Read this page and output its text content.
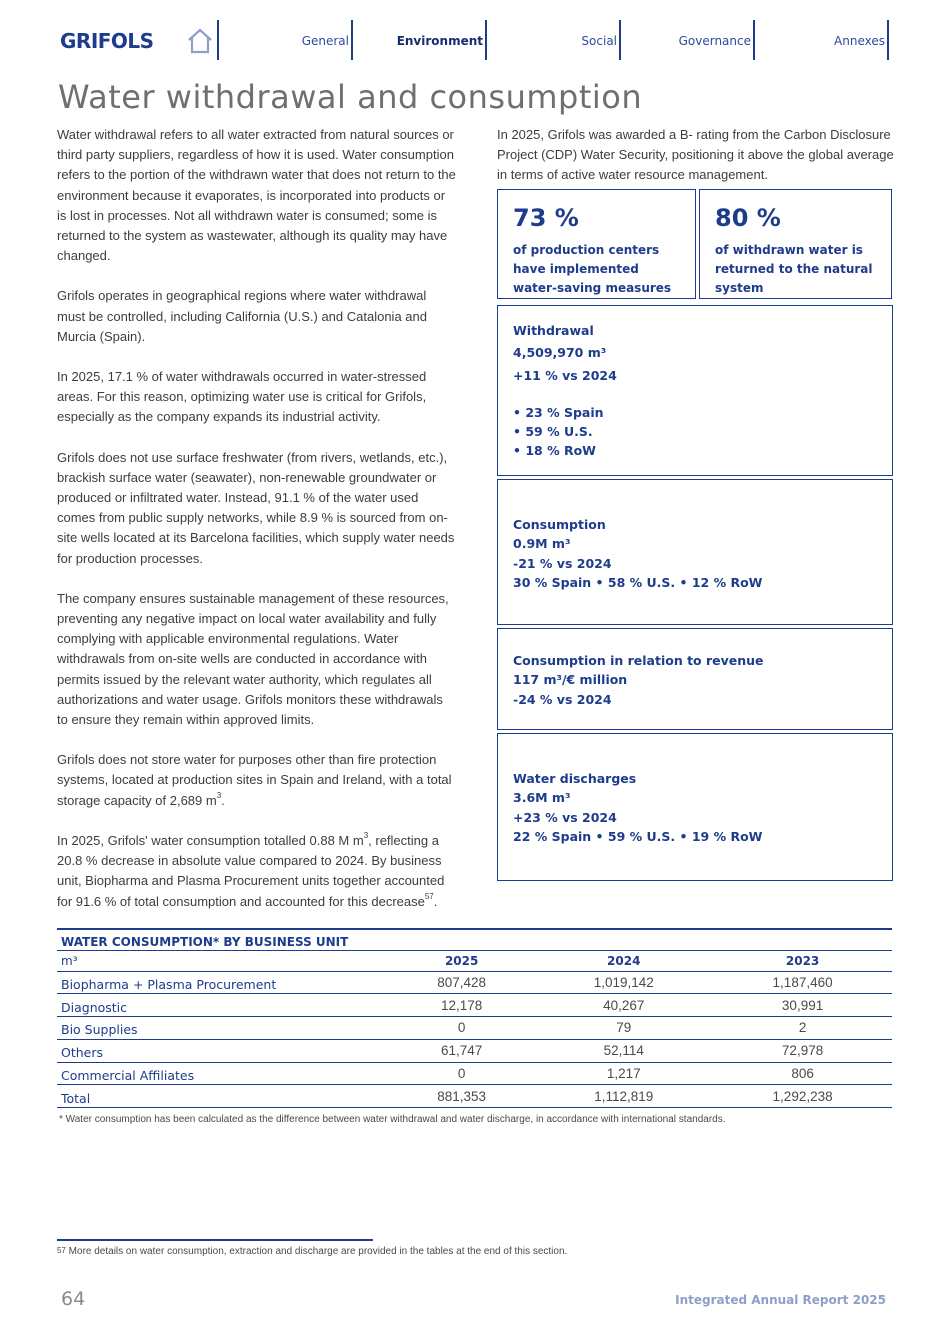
GRIFOLS	General	Environment	Social	Governance	Annexes
Water withdrawal and consumption

Water withdrawal refers to all water extracted from natural sources or third party suppliers, regardless of how it is used. Water consumption refers to the portion of the withdrawn water that does not return to the environment because it evaporates, is incorporated into products or is lost in processes. Not all withdrawn water is consumed; some is returned to the system as wastewater, although its quality may have changed.

Grifols operates in geographical regions where water withdrawal must be controlled, including California (U.S.) and Catalonia and Murcia (Spain).

In 2025, 17.1 % of water withdrawals occurred in water-stressed areas. For this reason, optimizing water use is critical for Grifols, especially as the company expands its industrial activity.

Grifols does not use surface freshwater (from rivers, wetlands, etc.), brackish surface water (seawater), non-renewable groundwater or produced or infiltrated water. Instead, 91.1 % of the water used comes from public supply networks, while 8.9 % is sourced from on-site wells located at its Barcelona facilities, which supply water needs for production processes.

The company ensures sustainable management of these resources, preventing any negative impact on local water availability and fully complying with applicable environmental regulations. Water withdrawals from on-site wells are conducted in accordance with permits issued by the relevant water authority, which regulates all authorizations and water usage. Grifols monitors these withdrawals to ensure they remain within approved limits.

Grifols does not store water for purposes other than fire protection systems, located at production sites in Spain and Ireland, with a total storage capacity of 2,689 $m^3$.

In 2025, Grifols' water consumption totalled 0.88 M $m^3$, reflecting a 20.8 % decrease in absolute value compared to 2024. By business unit, Biopharma and Plasma Procurement units together accounted for 91.6 % of total consumption and accounted for this decrease$^{57}$.

In 2025, Grifols was awarded a B- rating from the Carbon Disclosure Project (CDP) Water Security, positioning it above the global average in terms of active water resource management.
73 %
of production centers have implemented water-saving measures
80 %
of withdrawn water is returned to the natural system
Withdrawal
4,509,970 m³
+11 % vs 2024
• 23 % Spain
• 59 % U.S.
• 18 % RoW
Consumption
0.9M m³
-21 % vs 2024
30 % Spain • 58 % U.S. • 12 % RoW
Consumption in relation to revenue
117 m³/€ million
-24 % vs 2024
Water discharges
3.6M m³
+23 % vs 2024
22 % Spain • 59 % U.S. • 19 % RoW
WATER CONSUMPTION* BY BUSINESS UNIT
m³	2025	2024	2023
Biopharma + Plasma Procurement	807,428	1,019,142	1,187,460
Diagnostic	12,178	40,267	30,991
Bio Supplies	0	79	2
Others	61,747	52,114	72,978
Commercial Affiliates	0	1,217	806
Total	881,353	1,112,819	1,292,238
* Water consumption has been calculated as the difference between water withdrawal and water discharge, in accordance with international standards.
$^{57}$ More details on water consumption, extraction and discharge are provided in the tables at the end of this section.
64	Integrated Annual Report 2025
